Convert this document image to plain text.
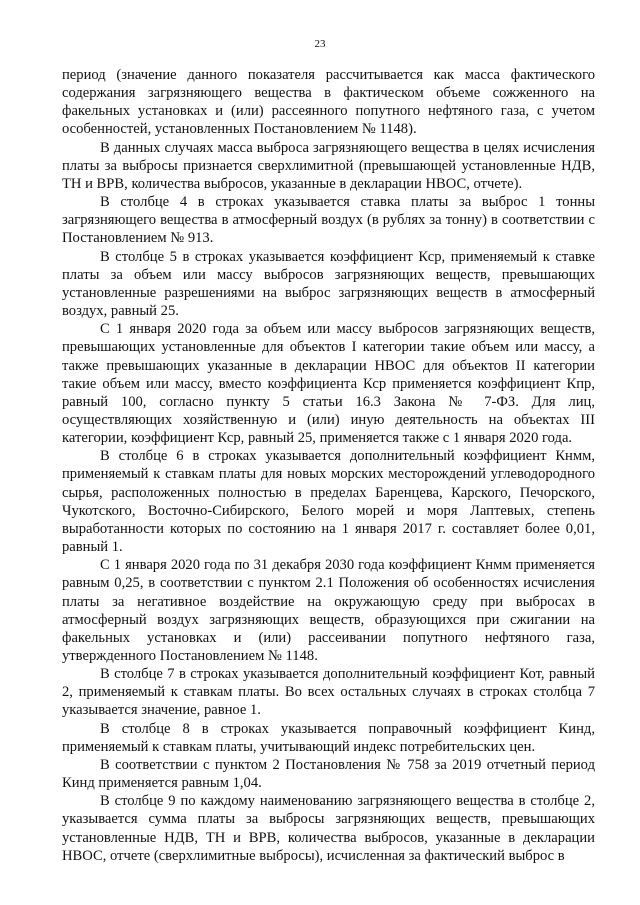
23

период (значение данного показателя рассчитывается как масса фактического содержания загрязняющего вещества в фактическом объеме сожженного на факельных установках и (или) рассеянного попутного нефтяного газа, с учетом особенностей, установленных Постановлением № 1148).

В данных случаях масса выброса загрязняющего вещества в целях исчисления платы за выбросы признается сверхлимитной (превышающей установленные НДВ, ТН и ВРВ, количества выбросов, указанные в декларации НВОС, отчете).

В столбце 4 в строках указывается ставка платы за выброс 1 тонны загрязняющего вещества в атмосферный воздух (в рублях за тонну) в соответствии с Постановлением № 913.

В столбце 5 в строках указывается коэффициент Кср, применяемый к ставке платы за объем или массу выбросов загрязняющих веществ, превышающих установленные разрешениями на выброс загрязняющих веществ в атмосферный воздух, равный 25.

С 1 января 2020 года за объем или массу выбросов загрязняющих веществ, превышающих установленные для объектов I категории такие объем или массу, а также превышающих указанные в декларации НВОС для объектов II категории такие объем или массу, вместо коэффициента Кср применяется коэффициент Кпр, равный 100, согласно пункту 5 статьи 16.3 Закона № 7-ФЗ. Для лиц, осуществляющих хозяйственную и (или) иную деятельность на объектах III категории, коэффициент Кср, равный 25, применяется также с 1 января 2020 года.

В столбце 6 в строках указывается дополнительный коэффициент Кнмм, применяемый к ставкам платы для новых морских месторождений углеводородного сырья, расположенных полностью в пределах Баренцева, Карского, Печорского, Чукотского, Восточно-Сибирского, Белого морей и моря Лаптевых, степень выработанности которых по состоянию на 1 января 2017 г. составляет более 0,01, равный 1.

С 1 января 2020 года по 31 декабря 2030 года коэффициент Кнмм применяется равным 0,25, в соответствии с пунктом 2.1 Положения об особенностях исчисления платы за негативное воздействие на окружающую среду при выбросах в атмосферный воздух загрязняющих веществ, образующихся при сжигании на факельных установках и (или) рассеивании попутного нефтяного газа, утвержденного Постановлением № 1148.

В столбце 7 в строках указывается дополнительный коэффициент Кот, равный 2, применяемый к ставкам платы. Во всех остальных случаях в строках столбца 7 указывается значение, равное 1.

В столбце 8 в строках указывается поправочный коэффициент Кинд, применяемый к ставкам платы, учитывающий индекс потребительских цен.

В соответствии с пунктом 2 Постановления № 758 за 2019 отчетный период Кинд применяется равным 1,04.

В столбце 9 по каждому наименованию загрязняющего вещества в столбце 2, указывается сумма платы за выбросы загрязняющих веществ, превышающих установленные НДВ, ТН и ВРВ, количества выбросов, указанные в декларации НВОС, отчете (сверхлимитные выбросы), исчисленная за фактический выброс в
